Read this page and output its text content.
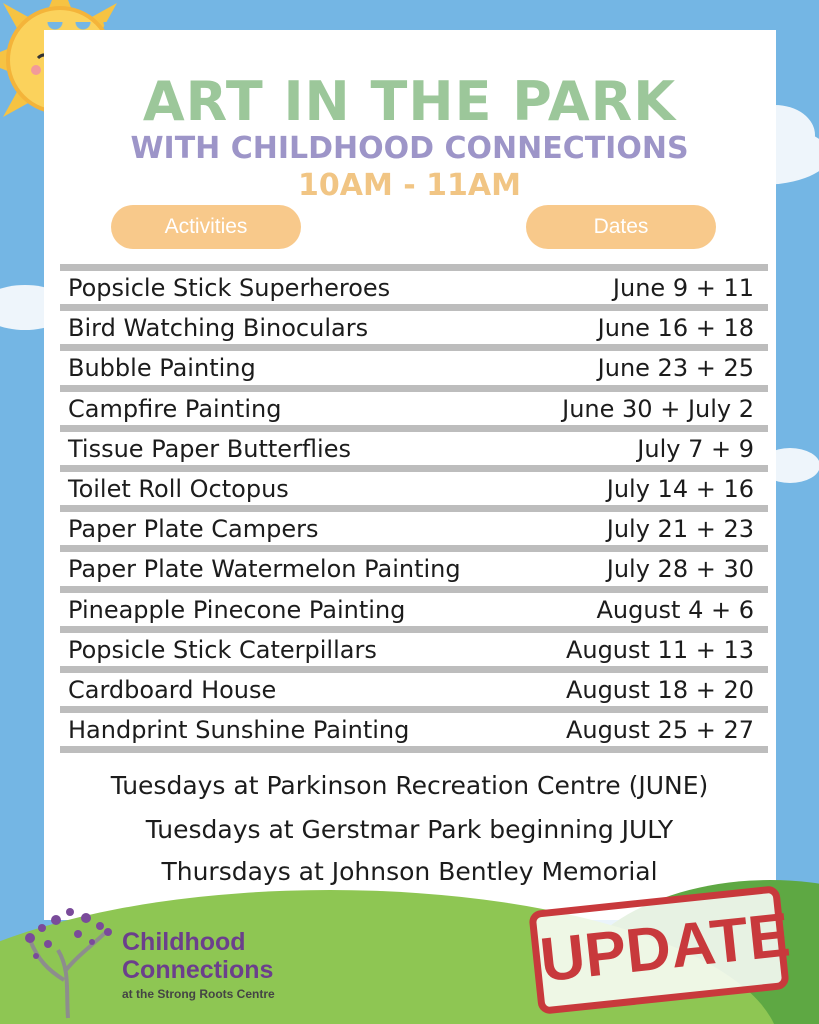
ART IN THE PARK
WITH CHILDHOOD CONNECTIONS
10AM - 11AM
Activities	Dates
Popsicle Stick Superheroes	June 9 + 11
Bird Watching Binoculars	June 16 + 18
Bubble Painting	June 23 + 25
Campfire Painting	June 30 + July 2
Tissue Paper Butterflies	July 7 + 9
Toilet Roll Octopus	July 14 + 16
Paper Plate Campers	July 21 + 23
Paper Plate Watermelon Painting	July 28 + 30
Pineapple Pinecone Painting	August 4 + 6
Popsicle Stick Caterpillars	August 11 + 13
Cardboard House	August 18 + 20
Handprint Sunshine Painting	August 25 + 27
Tuesdays at Parkinson Recreation Centre (JUNE)
Tuesdays at Gerstmar Park beginning JULY
Thursdays at Johnson Bentley Memorial
Childhood
Connections
at the Strong Roots Centre	UPDATE
